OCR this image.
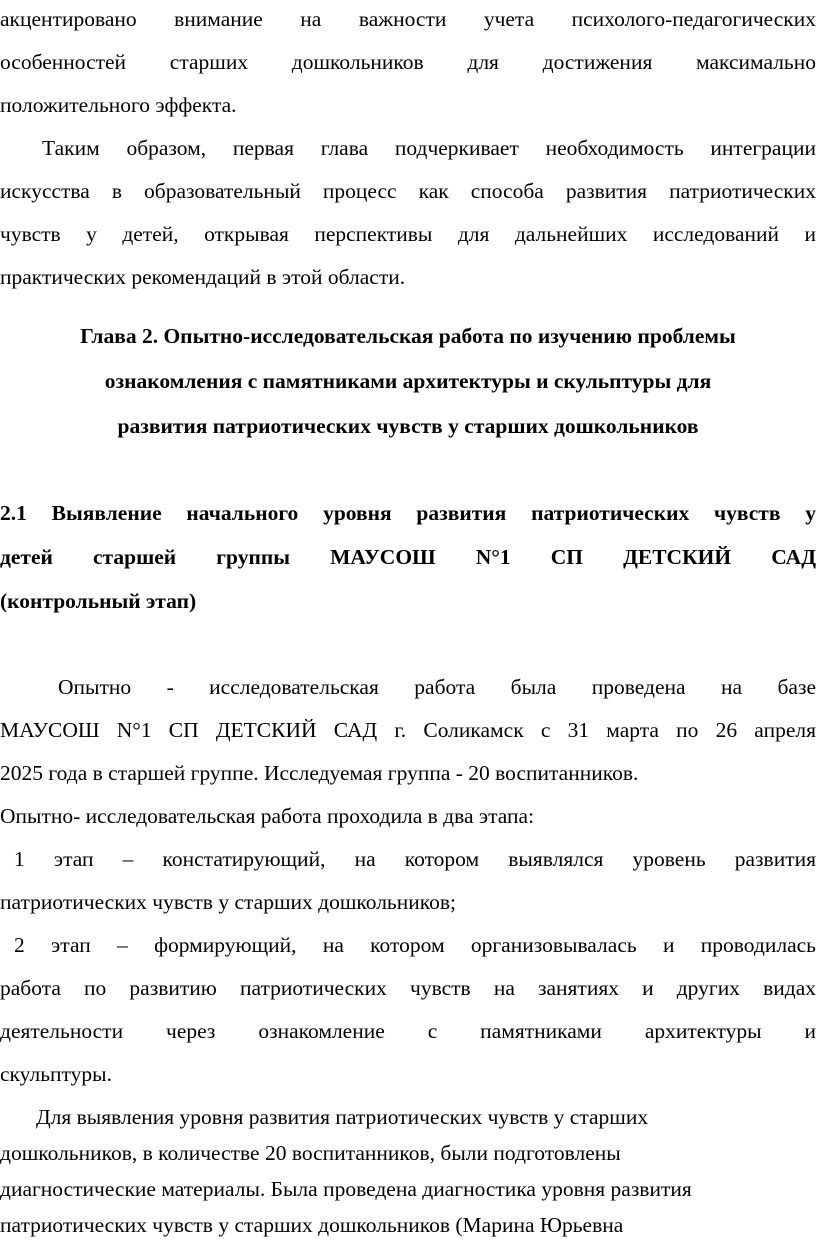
акцентировано внимание на важности учета психолого-педагогических
особенностей старших дошкольников для достижения максимально
положительного эффекта.
Таким образом, первая глава подчеркивает необходимость интеграции
искусства в образовательный процесс как способа развития патриотических
чувств у детей, открывая перспективы для дальнейших исследований и
практических рекомендаций в этой области.
Глава 2. Опытно-исследовательская работа по изучению проблемы
ознакомления с памятниками архитектуры и скульптуры для
развития патриотических чувств у старших дошкольников
2.1 Выявление начального уровня развития патриотических чувств у
детей старшей группы МАУСОШ N°1 СП ДЕТСКИЙ САД
(контрольный этап)
Опытно - исследовательская работа была проведена на базе
МАУСОШ N°1 СП ДЕТСКИЙ САД г. Соликамск с 31 марта по 26 апреля
2025 года в старшей группе. Исследуемая группа - 20 воспитанников.
Опытно- исследовательская работа проходила в два этапа:
1 этап – констатирующий, на котором выявлялся уровень развития
патриотических чувств у старших дошкольников;
2 этап – формирующий, на котором организовывалась и проводилась
работа по развитию патриотических чувств на занятиях и других видах
деятельности через ознакомление с памятниками архитектуры и
скульптуры.
Для выявления уровня развития патриотических чувств у старших
дошкольников, в количестве 20 воспитанников, были подготовлены
диагностические материалы. Была проведена диагностика уровня развития
патриотических чувств у старших дошкольников (Марина Юрьевна
